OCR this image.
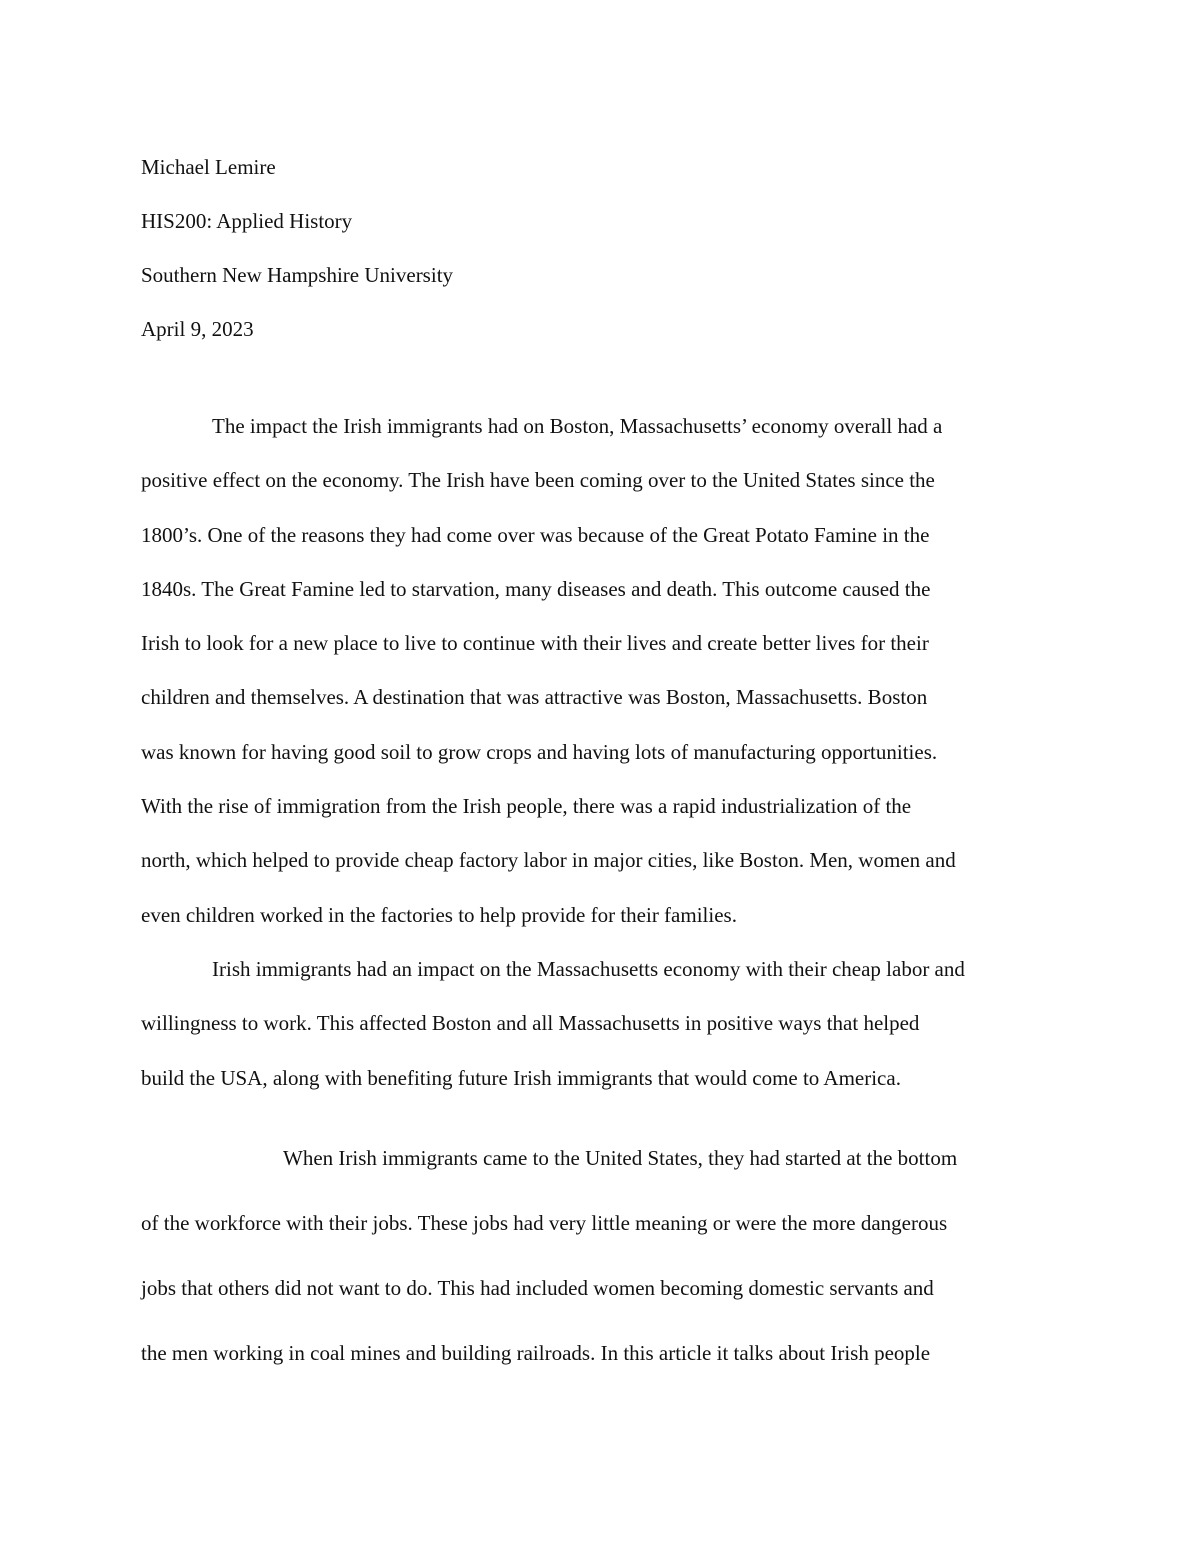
Michael Lemire
HIS200: Applied History
Southern New Hampshire University
April 9, 2023
The impact the Irish immigrants had on Boston, Massachusetts’ economy overall had a
positive effect on the economy. The Irish have been coming over to the United States since the
1800’s. One of the reasons they had come over was because of the Great Potato Famine in the
1840s. The Great Famine led to starvation, many diseases and death. This outcome caused the
Irish to look for a new place to live to continue with their lives and create better lives for their
children and themselves. A destination that was attractive was Boston, Massachusetts. Boston
was known for having good soil to grow crops and having lots of manufacturing opportunities.
With the rise of immigration from the Irish people, there was a rapid industrialization of the
north, which helped to provide cheap factory labor in major cities, like Boston. Men, women and
even children worked in the factories to help provide for their families.
Irish immigrants had an impact on the Massachusetts economy with their cheap labor and
willingness to work. This affected Boston and all Massachusetts in positive ways that helped
build the USA, along with benefiting future Irish immigrants that would come to America.
When Irish immigrants came to the United States, they had started at the bottom
of the workforce with their jobs. These jobs had very little meaning or were the more dangerous
jobs that others did not want to do. This had included women becoming domestic servants and
the men working in coal mines and building railroads. In this article it talks about Irish people
